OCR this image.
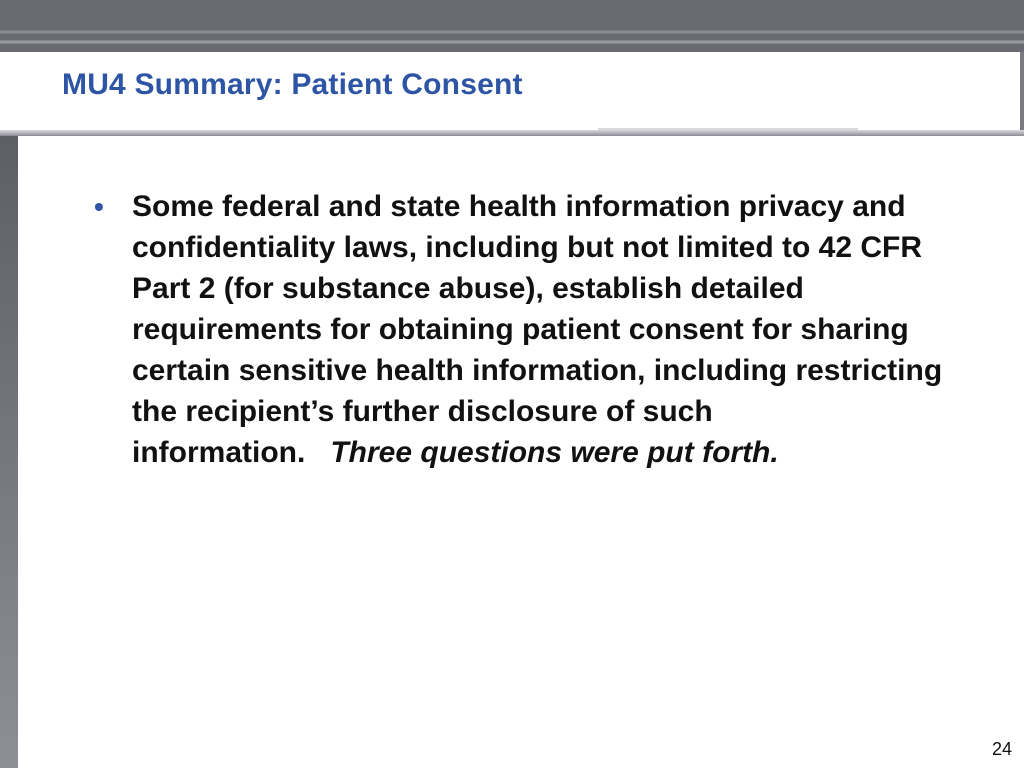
MU4 Summary: Patient Consent
• Some federal and state health information privacy and confidentiality laws, including but not limited to 42 CFR Part 2 (for substance abuse), establish detailed requirements for obtaining patient consent for sharing certain sensitive health information, including restricting the recipient’s further disclosure of such information. Three questions were put forth.
24
